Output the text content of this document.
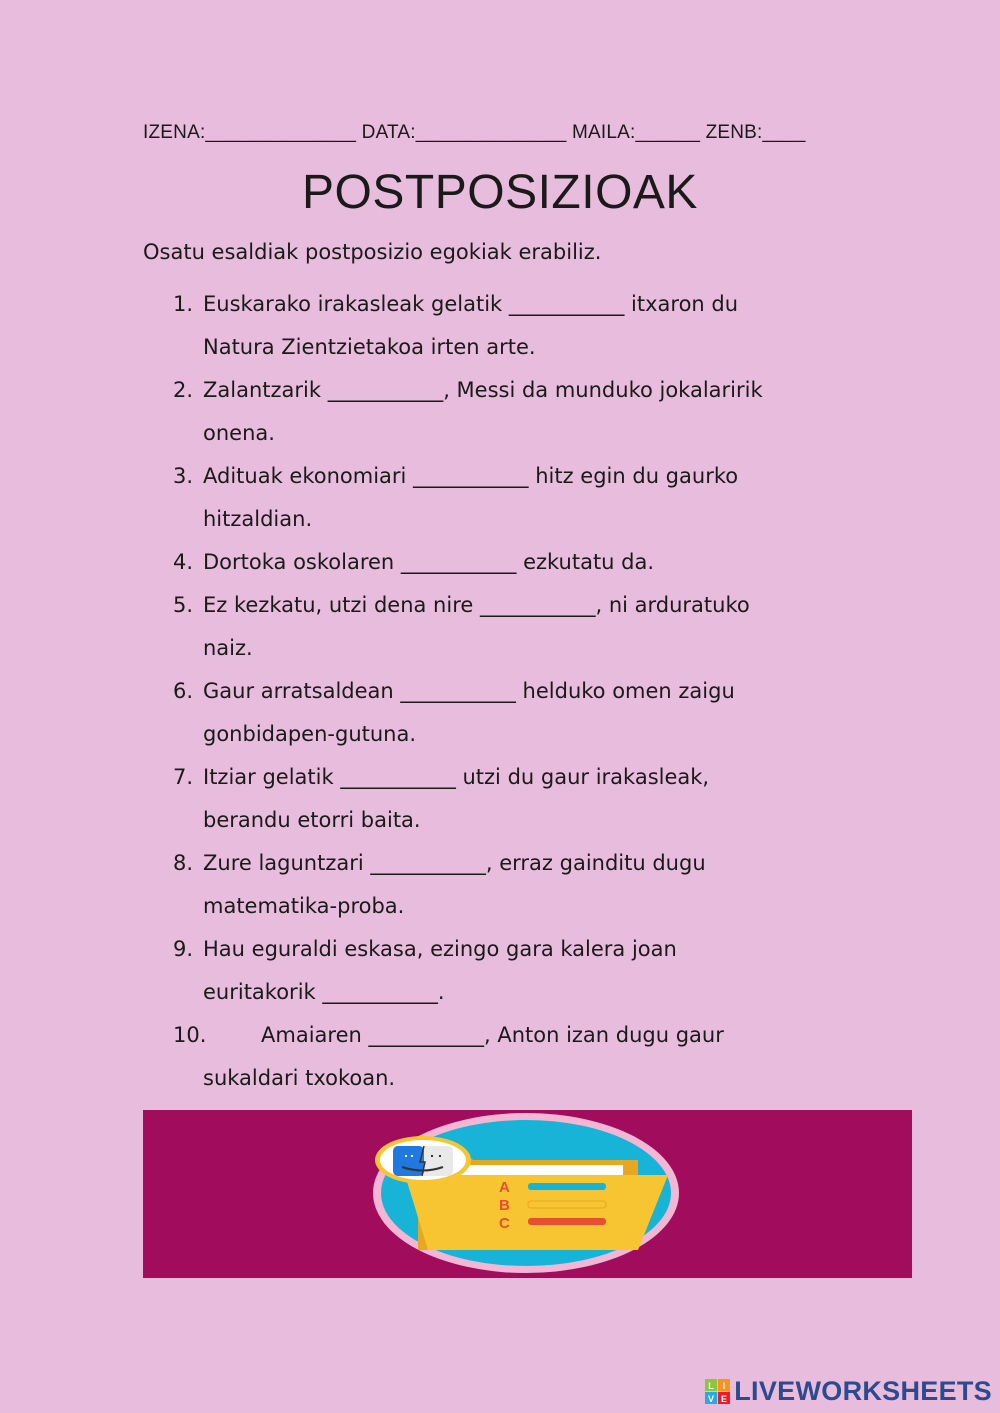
IZENA:______________ DATA:______________ MAILA:______ ZENB:____
POSTPOSIZIOAK
Osatu esaldiak postposizio egokiak erabiliz.
1. Euskarako irakasleak gelatik ___________ itxaron du
Natura Zientzietakoa irten arte.
2. Zalantzarik ___________, Messi da munduko jokalaririk
onena.
3. Adituak ekonomiari ___________ hitz egin du gaurko
hitzaldian.
4. Dortoka oskolaren ___________ ezkutatu da.
5. Ez kezkatu, utzi dena nire ___________, ni arduratuko
naiz.
6. Gaur arratsaldean ___________ helduko omen zaigu
gonbidapen-gutuna.
7. Itziar gelatik ___________ utzi du gaur irakasleak,
berandu etorri baita.
8. Zure laguntzari ___________, erraz gainditu dugu
matematika-proba.
9. Hau eguraldi eskasa, ezingo gara kalera joan
euritakorik ___________.
10.	Amaiaren ___________, Anton izan dugu gaur
sukaldari txokoan.
A
B
C
L I
V E LIVEWORKSHEETS
